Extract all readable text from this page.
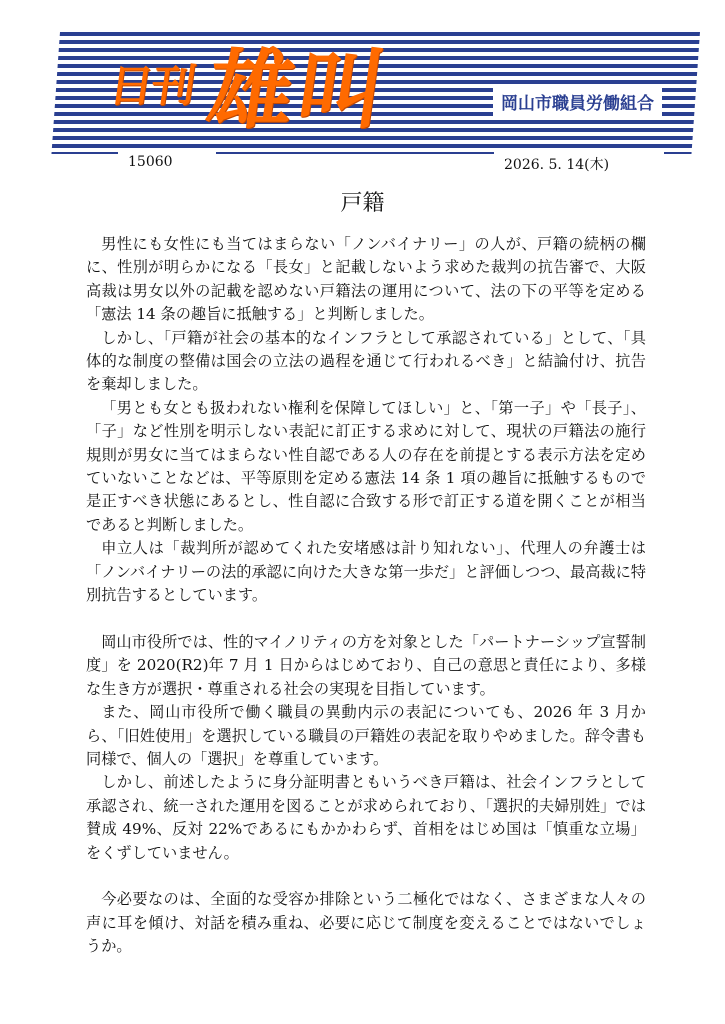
日刊 雄叫	岡山市職員労働組合
15060	2026. 5. 14(木)
戸籍

男性にも女性にも当てはまらない「ノンバイナリー」の人が、戸籍の続柄の欄に、性別が明らかになる「長女」と記載しないよう求めた裁判の抗告審で、大阪高裁は男女以外の記載を認めない戸籍法の運用について、法の下の平等を定める「憲法 14 条の趣旨に抵触する」と判断しました。

しかし、「戸籍が社会の基本的なインフラとして承認されている」として、「具体的な制度の整備は国会の立法の過程を通じて行われるべき」と結論付け、抗告を棄却しました。

「男とも女とも扱われない権利を保障してほしい」と、「第一子」や「長子」、「子」など性別を明示しない表記に訂正する求めに対して、現状の戸籍法の施行規則が男女に当てはまらない性自認である人の存在を前提とする表示方法を定めていないことなどは、平等原則を定める憲法 14 条 1 項の趣旨に抵触するもので是正すべき状態にあるとし、性自認に合致する形で訂正する道を開くことが相当であると判断しました。

申立人は「裁判所が認めてくれた安堵感は計り知れない」、代理人の弁護士は「ノンバイナリーの法的承認に向けた大きな第一歩だ」と評価しつつ、最高裁に特別抗告するとしています。

岡山市役所では、性的マイノリティの方を対象とした「パートナーシップ宣誓制度」を 2020(R2)年 7 月 1 日からはじめており、自己の意思と責任により、多様な生き方が選択・尊重される社会の実現を目指しています。

また、岡山市役所で働く職員の異動内示の表記についても、2026 年 3 月から、「旧姓使用」を選択している職員の戸籍姓の表記を取りやめました。辞令書も同様で、個人の「選択」を尊重しています。

しかし、前述したように身分証明書ともいうべき戸籍は、社会インフラとして承認され、統一された運用を図ることが求められており、「選択的夫婦別姓」では賛成 49%、反対 22%であるにもかかわらず、首相をはじめ国は「慎重な立場」をくずしていません。

今必要なのは、全面的な受容か排除という二極化ではなく、さまざまな人々の声に耳を傾け、対話を積み重ね、必要に応じて制度を変えることではないでしょうか。
